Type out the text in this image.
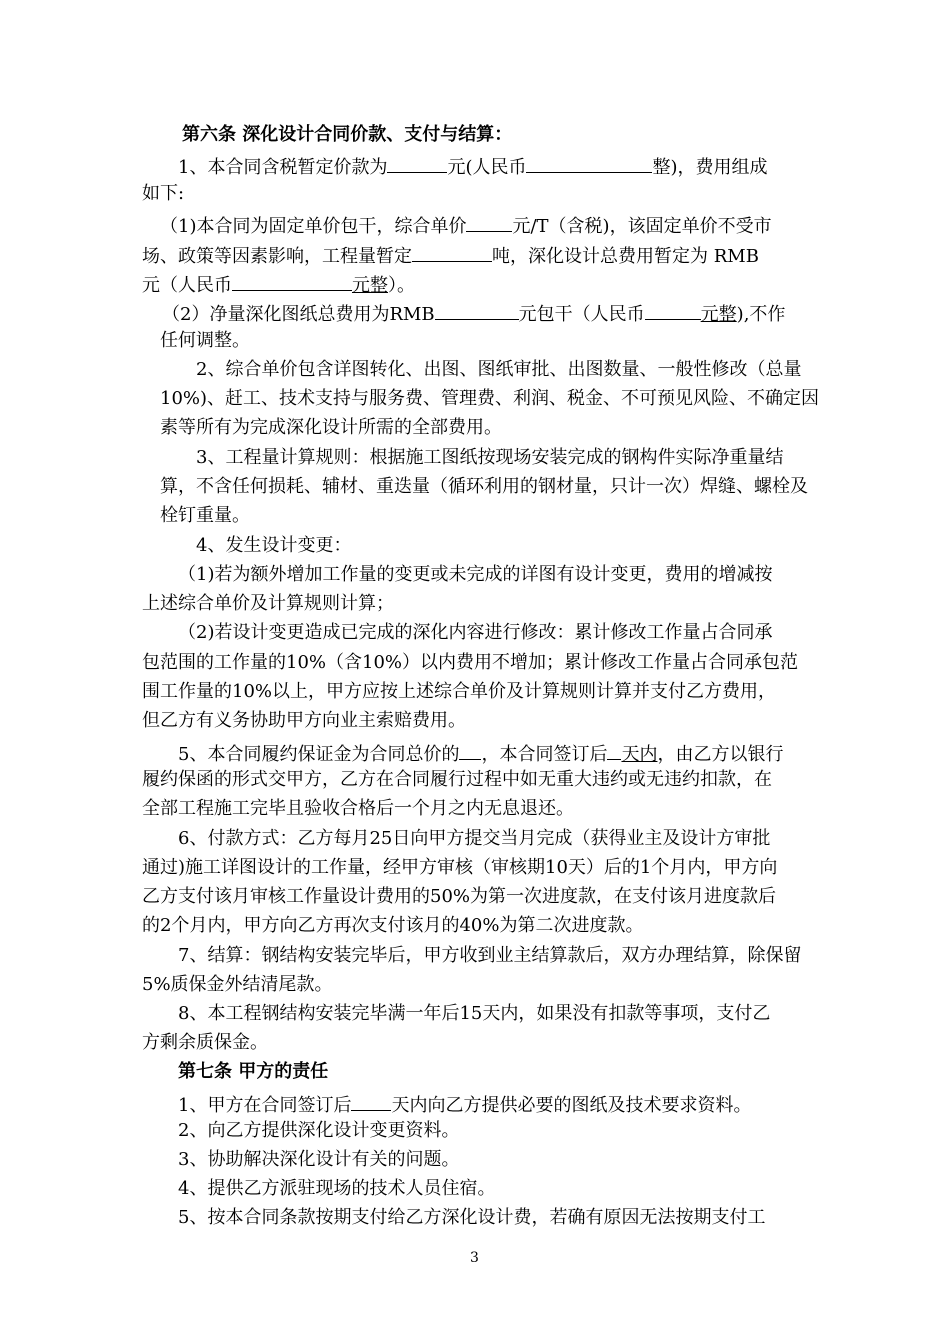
第六条 深化设计合同价款、支付与结算：
1、本合同含税暂定价款为	元(人民币	整)，费用组成
如下:
（1)本合同为固定单价包干，综合单价	元/T（含税)，该固定单价不受市
场、政策等因素影响，工程量暂定	吨，深化设计总费用暂定为 RMB
元（人民币	元整）。
（2）净量深化图纸总费用为RMB	元包干（人民币	元整),不作
任何调整。
2、综合单价包含详图转化、出图、图纸审批、出图数量、一般性修改（总量
10%)、赶工、技术支持与服务费、管理费、利润、税金、不可预见风险、不确定因
素等所有为完成深化设计所需的全部费用。
3、工程量计算规则：根据施工图纸按现场安装完成的钢构件实际净重量结
算，不含任何损耗、辅材、重迭量（循环利用的钢材量，只计一次）焊缝、螺栓及
栓钉重量。
4、发生设计变更：
（1)若为额外增加工作量的变更或未完成的详图有设计变更，费用的增减按
上述综合单价及计算规则计算；
（2)若设计变更造成已完成的深化内容进行修改：累计修改工作量占合同承
包范围的工作量的10%（含10%）以内费用不增加；累计修改工作量占合同承包范
围工作量的10%以上，甲方应按上述综合单价及计算规则计算并支付乙方费用，
但乙方有义务协助甲方向业主索赔费用。
5、本合同履约保证金为合同总价的 ，本合同签订后 天内，由乙方以银行
履约保函的形式交甲方，乙方在合同履行过程中如无重大违约或无违约扣款，在
全部工程施工完毕且验收合格后一个月之内无息退还。
6、付款方式：乙方每月25日向甲方提交当月完成（获得业主及设计方审批
通过)施工详图设计的工作量，经甲方审核（审核期10天）后的1个月内，甲方向
乙方支付该月审核工作量设计费用的50%为第一次进度款，在支付该月进度款后
的2个月内，甲方向乙方再次支付该月的40%为第二次进度款。
7、结算：钢结构安装完毕后，甲方收到业主结算款后，双方办理结算，除保留
5%质保金外结清尾款。
8、本工程钢结构安装完毕满一年后15天内，如果没有扣款等事项，支付乙
方剩余质保金。
第七条 甲方的责任
1、甲方在合同签订后 天内向乙方提供必要的图纸及技术要求资料。
2、向乙方提供深化设计变更资料。
3、协助解决深化设计有关的问题。
4、提供乙方派驻现场的技术人员住宿。
5、按本合同条款按期支付给乙方深化设计费，若确有原因无法按期支付工
3
